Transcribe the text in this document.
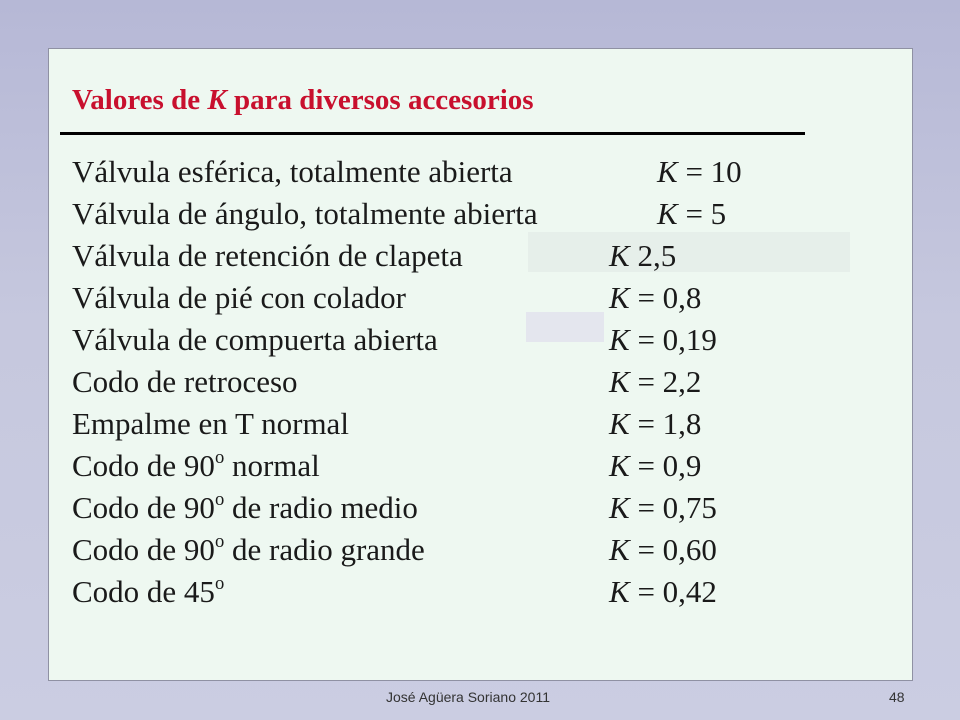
Valores de K para diversos accesorios
Válvula esférica, totalmente abierta	K = 10
Válvula de ángulo, totalmente abierta	K = 5
Válvula de retención de clapeta	K 2,5
Válvula de pié con colador	K = 0,8
Válvula de compuerta abierta	K = 0,19
Codo de retroceso	K = 2,2
Empalme en T normal	K = 1,8
Codo de 90$^o$ normal	K = 0,9
Codo de 90$^o$ de radio medio	K = 0,75
Codo de 90$^o$ de radio grande	K = 0,60
Codo de 45$^o$	K = 0,42

José Agüera Soriano 2011	48
